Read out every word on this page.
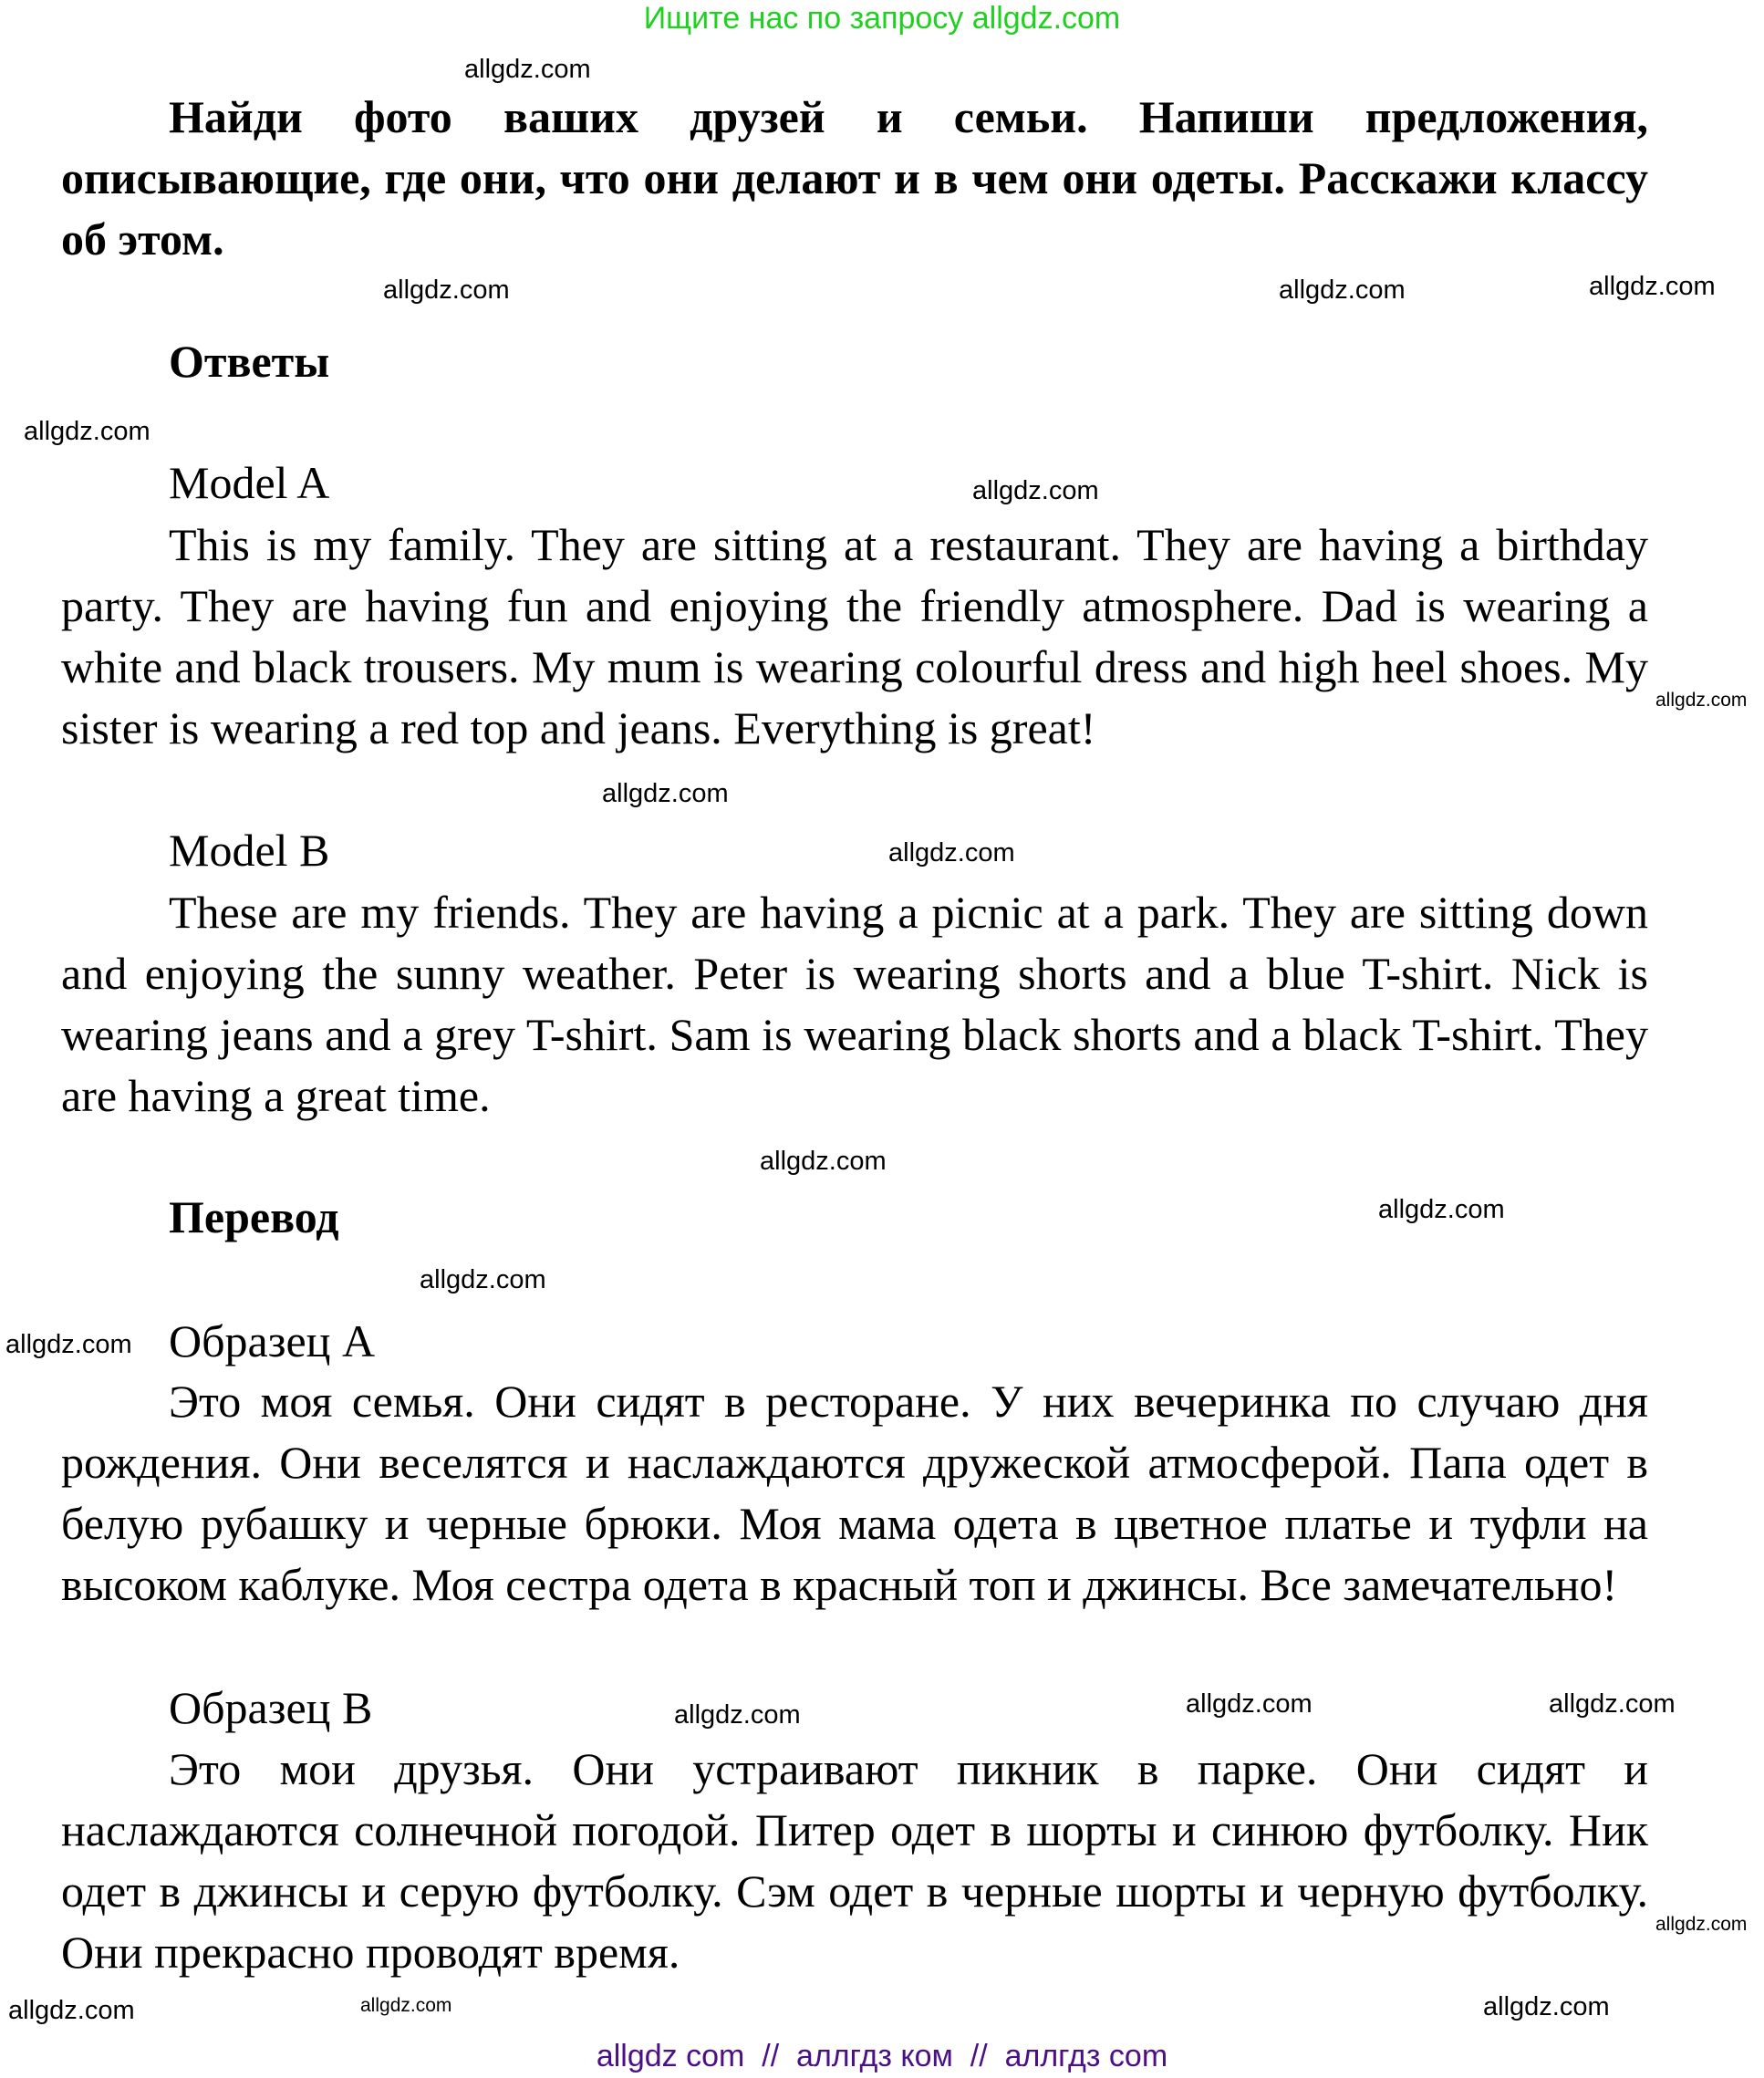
Ищите нас по запросу allgdz.com

Найди фото ваших друзей и семьи. Напиши предложения, описывающие, где они, что они делают и в чем они одеты. Расскажи классу об этом.

Ответы
Model A

This is my family. They are sitting at a restaurant. They are having a birthday party. They are having fun and enjoying the friendly atmosphere. Dad is wearing a white and black trousers. My mum is wearing colourful dress and high heel shoes. My sister is wearing a red top and jeans. Everything is great!

Model B

These are my friends. They are having a picnic at a park. They are sitting down and enjoying the sunny weather. Peter is wearing shorts and a blue T-shirt. Nick is wearing jeans and a grey T-shirt. Sam is wearing black shorts and a black T-shirt. They are having a great time.

Перевод
Образец A

Это моя семья. Они сидят в ресторане. У них вечеринка по случаю дня рождения. Они веселятся и наслаждаются дружеской атмосферой. Папа одет в белую рубашку и черные брюки. Моя мама одета в цветное платье и туфли на высоком каблуке. Моя сестра одета в красный топ и джинсы. Все замечательно!

Образец B

Это мои друзья. Они устраивают пикник в парке. Они сидят и наслаждаются солнечной погодой. Питер одет в шорты и синюю футболку. Ник одет в джинсы и серую футболку. Сэм одет в черные шорты и черную футболку. Они прекрасно проводят время.

allgdz.com
allgdz.com
allgdz.com
allgdz.com
allgdz.com
allgdz.com
allgdz.com
allgdz.com
allgdz.com
allgdz.com
allgdz.com
allgdz.com
allgdz.com
allgdz.com	allgdz.com
allgdz.com
allgdz.com
allgdz.com
allgdz.com
allgdz.com
allgdz com  //  аллгдз ком  //  аллгдз com
